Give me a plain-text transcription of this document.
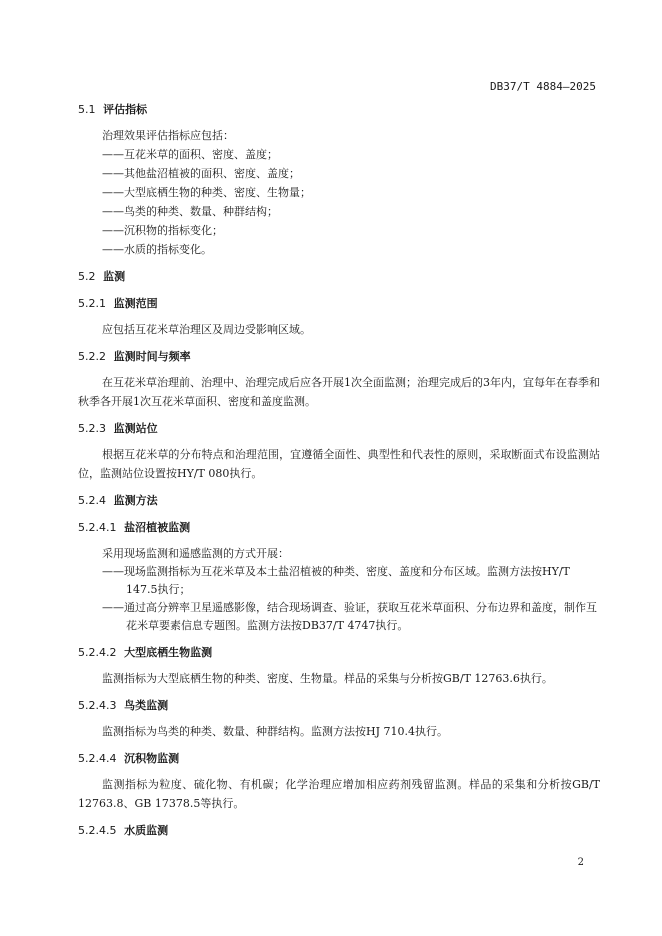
DB37/T 4884—2025

5.1 评估指标

治理效果评估指标应包括：

——互花米草的面积、密度、盖度；

——其他盐沼植被的面积、密度、盖度；

——大型底栖生物的种类、密度、生物量；

——鸟类的种类、数量、种群结构；

——沉积物的指标变化；

——水质的指标变化。

5.2 监测

5.2.1 监测范围

应包括互花米草治理区及周边受影响区域。

5.2.2 监测时间与频率

在互花米草治理前、治理中、治理完成后应各开展1次全面监测；治理完成后的3年内，宜每年在春季和秋季各开展1次互花米草面积、密度和盖度监测。

5.2.3 监测站位

根据互花米草的分布特点和治理范围，宜遵循全面性、典型性和代表性的原则，采取断面式布设监测站位，监测站位设置按HY/T 080执行。

5.2.4 监测方法

5.2.4.1 盐沼植被监测

采用现场监测和遥感监测的方式开展：

——现场监测指标为互花米草及本土盐沼植被的种类、密度、盖度和分布区域。监测方法按HY/T 147.5执行；

——通过高分辨率卫星遥感影像，结合现场调查、验证，获取互花米草面积、分布边界和盖度，制作互花米草要素信息专题图。监测方法按DB37/T 4747执行。

5.2.4.2 大型底栖生物监测

监测指标为大型底栖生物的种类、密度、生物量。样品的采集与分析按GB/T 12763.6执行。

5.2.4.3 鸟类监测

监测指标为鸟类的种类、数量、种群结构。监测方法按HJ 710.4执行。

5.2.4.4 沉积物监测

监测指标为粒度、硫化物、有机碳；化学治理应增加相应药剂残留监测。样品的采集和分析按GB/T 12763.8、GB 17378.5等执行。

5.2.4.5 水质监测

2
